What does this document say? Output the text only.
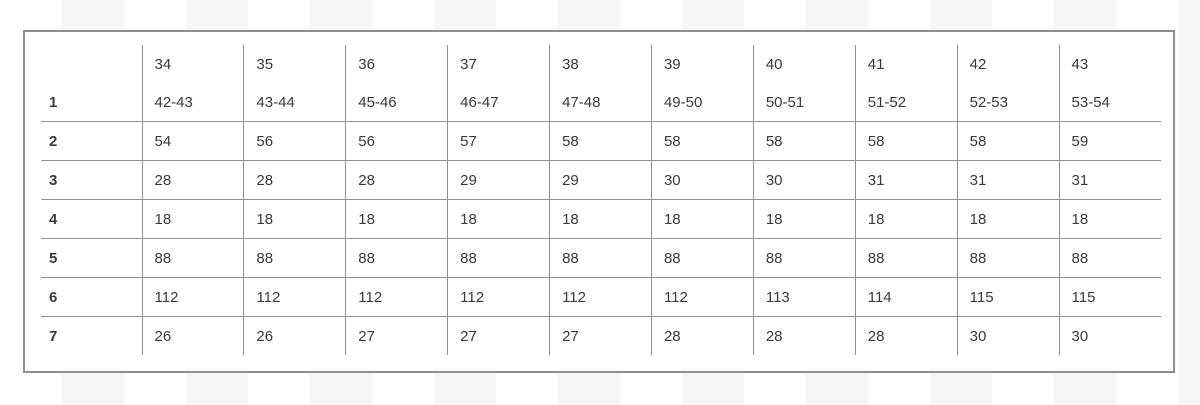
	34	35	36	37	38	39	40	41	42	43
1	42-43	43-44	45-46	46-47	47-48	49-50	50-51	51-52	52-53	53-54
2	54	56	56	57	58	58	58	58	58	59
3	28	28	28	29	29	30	30	31	31	31
4	18	18	18	18	18	18	18	18	18	18
5	88	88	88	88	88	88	88	88	88	88
6	112	112	112	112	112	112	113	114	115	115
7	26	26	27	27	27	28	28	28	30	30
